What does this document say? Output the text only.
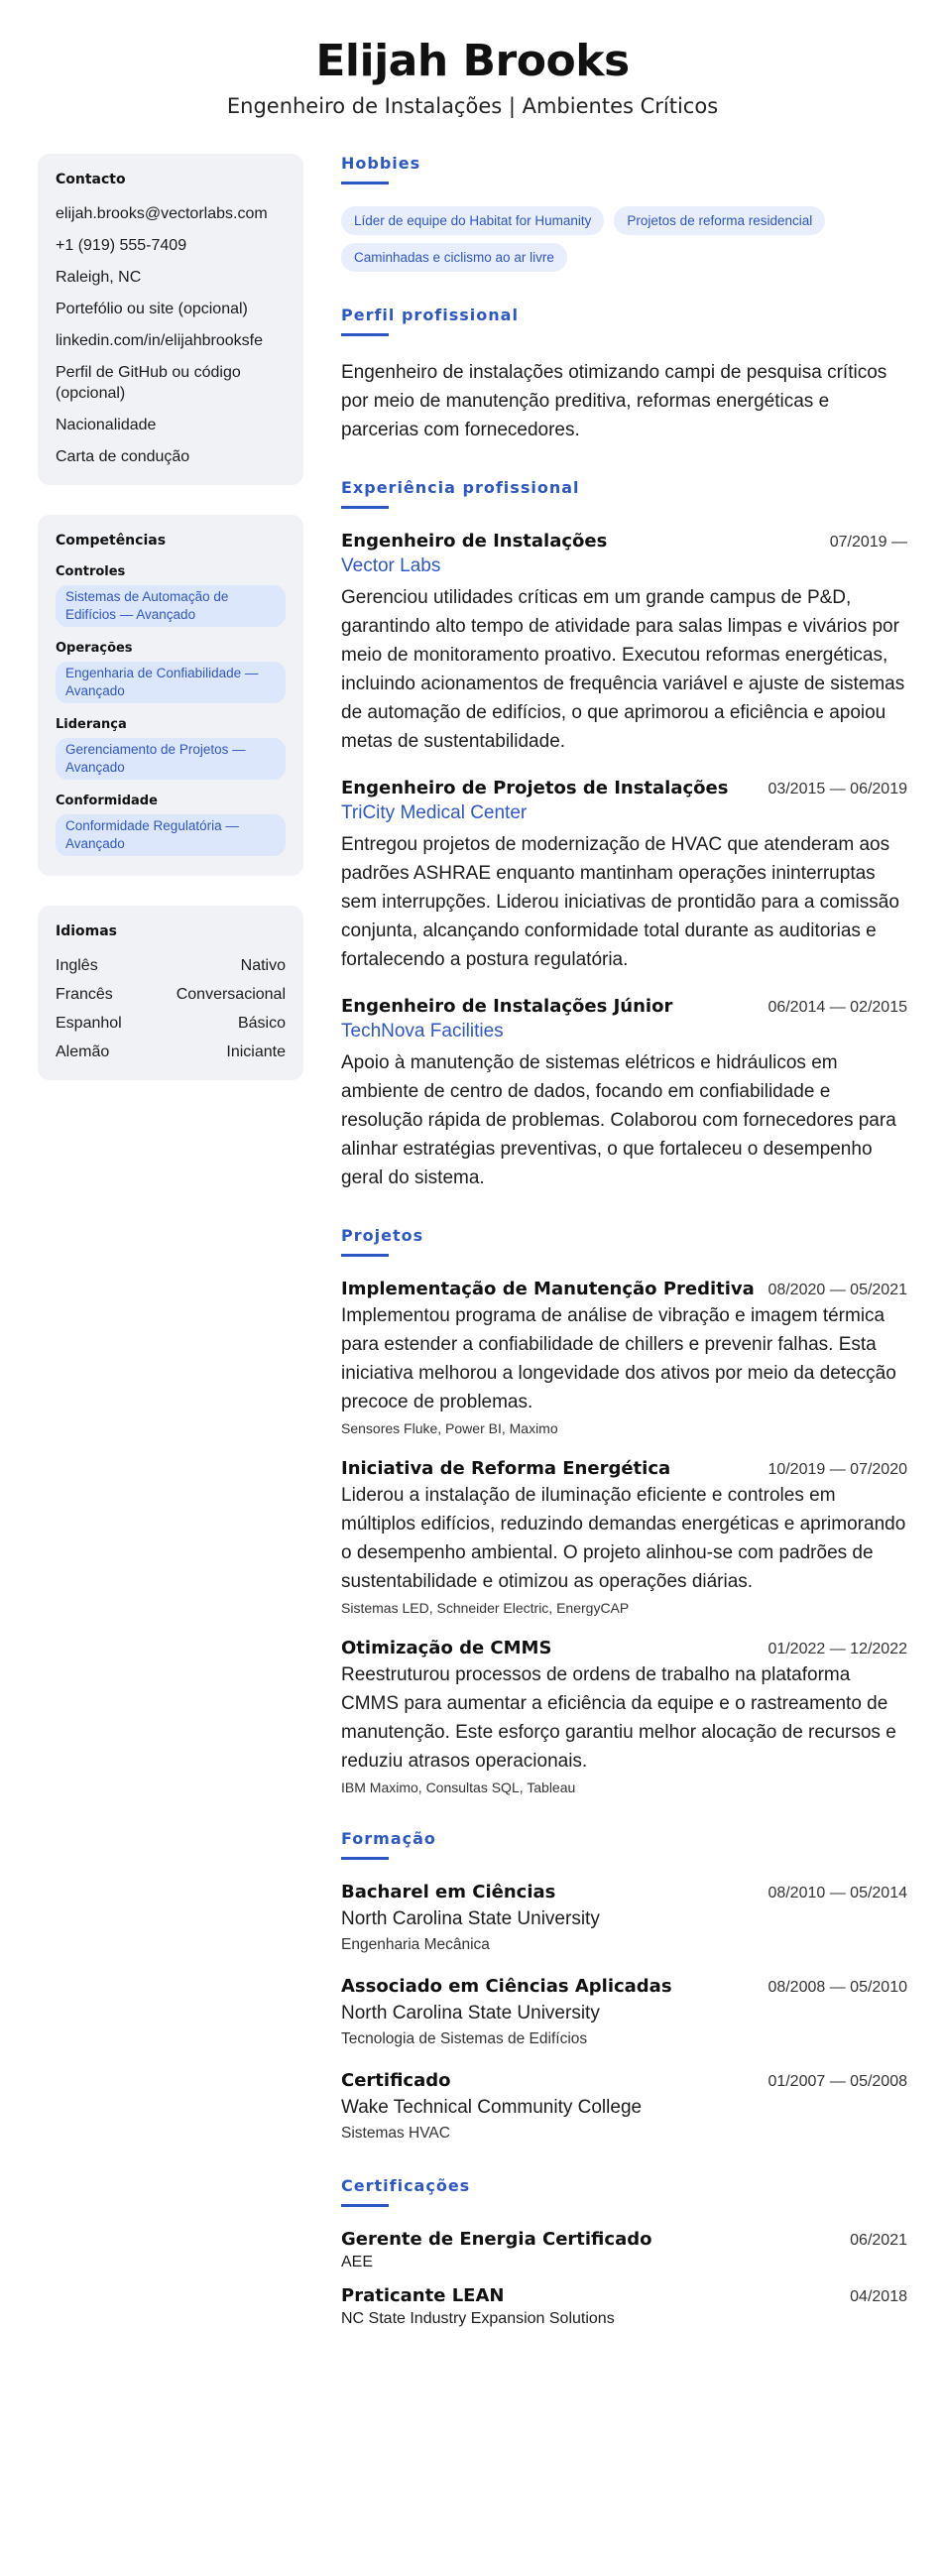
Elijah Brooks
Engenheiro de Instalações | Ambientes Críticos
Contacto
elijah.brooks@vectorlabs.com
+1 (919) 555-7409
Raleigh, NC
Portefólio ou site (opcional)
linkedin.com/in/elijahbrooksfe
Perfil de GitHub ou código (opcional)
Nacionalidade
Carta de condução
Competências
Controles
Sistemas de Automação de Edifícios — Avançado
Operações
Engenharia de Confiabilidade — Avançado
Liderança
Gerenciamento de Projetos — Avançado
Conformidade
Conformidade Regulatória — Avançado
Idiomas
Inglês	Nativo
Francês	Conversacional
Espanhol	Básico
Alemão	Iniciante
Hobbies
Líder de equipe do Habitat for Humanity	Projetos de reforma residencial
Caminhadas e ciclismo ao ar livre
Perfil profissional
Engenheiro de instalações otimizando campi de pesquisa críticos por meio de manutenção preditiva, reformas energéticas e parcerias com fornecedores.
Experiência profissional
Engenheiro de Instalações	07/2019 —
Vector Labs
Gerenciou utilidades críticas em um grande campus de P&D, garantindo alto tempo de atividade para salas limpas e vivários por meio de monitoramento proativo. Executou reformas energéticas, incluindo acionamentos de frequência variável e ajuste de sistemas de automação de edifícios, o que aprimorou a eficiência e apoiou metas de sustentabilidade.
Engenheiro de Projetos de Instalações 03/2015 — 06/2019
TriCity Medical Center
Entregou projetos de modernização de HVAC que atenderam aos padrões ASHRAE enquanto mantinham operações ininterruptas sem interrupções. Liderou iniciativas de prontidão para a comissão conjunta, alcançando conformidade total durante as auditorias e fortalecendo a postura regulatória.
Engenheiro de Instalações Júnior	06/2014 — 02/2015
TechNova Facilities
Apoio à manutenção de sistemas elétricos e hidráulicos em ambiente de centro de dados, focando em confiabilidade e resolução rápida de problemas. Colaborou com fornecedores para alinhar estratégias preventivas, o que fortaleceu o desempenho geral do sistema.
Projetos
Implementação de Manutenção Preditiva 08/2020 — 05/2021
Implementou programa de análise de vibração e imagem térmica para estender a confiabilidade de chillers e prevenir falhas. Esta iniciativa melhorou a longevidade dos ativos por meio da detecção precoce de problemas.
Sensores Fluke, Power BI, Maximo
Iniciativa de Reforma Energética	10/2019 — 07/2020
Liderou a instalação de iluminação eficiente e controles em múltiplos edifícios, reduzindo demandas energéticas e aprimorando o desempenho ambiental. O projeto alinhou-se com padrões de sustentabilidade e otimizou as operações diárias.
Sistemas LED, Schneider Electric, EnergyCAP
Otimização de CMMS	01/2022 — 12/2022
Reestruturou processos de ordens de trabalho na plataforma CMMS para aumentar a eficiência da equipe e o rastreamento de manutenção. Este esforço garantiu melhor alocação de recursos e reduziu atrasos operacionais.
IBM Maximo, Consultas SQL, Tableau
Formação
Bacharel em Ciências	08/2010 — 05/2014
North Carolina State University
Engenharia Mecânica
Associado em Ciências Aplicadas	08/2008 — 05/2010
North Carolina State University
Tecnologia de Sistemas de Edifícios
Certificado	01/2007 — 05/2008
Wake Technical Community College
Sistemas HVAC
Certificações
Gerente de Energia Certificado	06/2021
AEE
Praticante LEAN	04/2018
NC State Industry Expansion Solutions
